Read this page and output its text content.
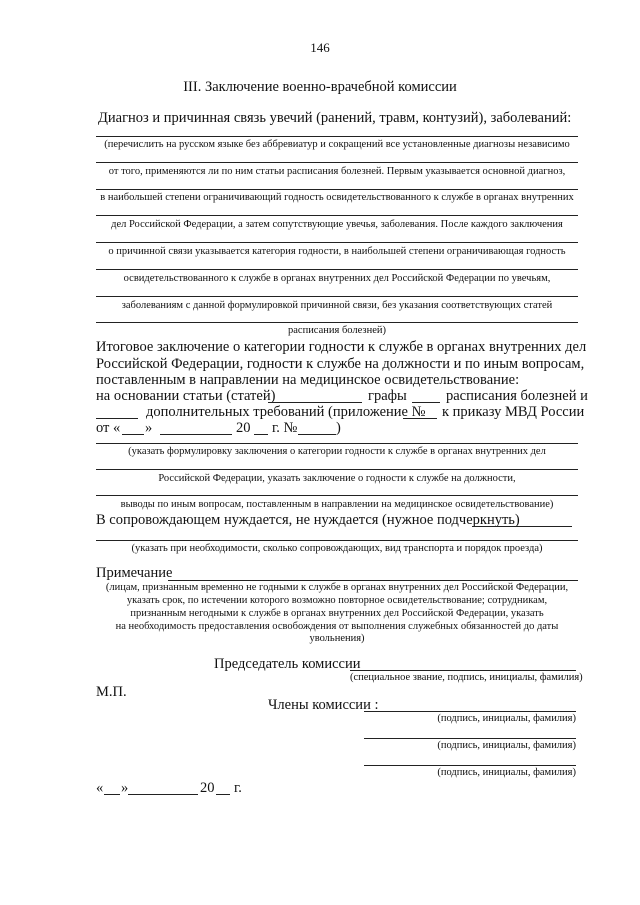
146
III. Заключение военно-врачебной комиссии
Диагноз и причинная связь увечий (ранений, травм, контузий), заболеваний:
(перечислить на русском языке без аббревиатур и сокращений все установленные диагнозы независимо
от того, применяются ли по ним статьи расписания болезней. Первым указывается основной диагноз,
в наибольшей степени ограничивающий годность освидетельствованного к службе в органах внутренних
дел Российской Федерации, а затем сопутствующие увечья, заболевания. После каждого заключения
о причинной связи указывается категория годности, в наибольшей степени ограничивающая годность
освидетельствованного к службе в органах внутренних дел Российской Федерации по увечьям,
заболеваниям с данной формулировкой причинной связи, без указания соответствующих статей
расписания болезней)
Итоговое заключение о категории годности к службе в органах внутренних дел
Российской Федерации, годности к службе на должности и по иным вопросам,
поставленным в направлении на медицинское освидетельствование:
на основании статьи (статей)	графы	расписания болезней и
дополнительных требований (приложение № к приказу МВД России
от « »	20 г. №	)
(указать формулировку заключения о категории годности к службе в органах внутренних дел
Российской Федерации, указать заключение о годности к службе на должности,
выводы по иным вопросам, поставленным в направлении на медицинское освидетельствование)
В сопровождающем нуждается, не нуждается (нужное подчеркнуть)
(указать при необходимости, сколько сопровождающих, вид транспорта и порядок проезда)
Примечание
(лицам, признанным временно не годными к службе в органах внутренних дел Российской Федерации,
указать срок, по истечении которого возможно повторное освидетельствование; сотрудникам,
признанным негодными к службе в органах внутренних дел Российской Федерации, указать
на необходимость предоставления освобождения от выполнения служебных обязанностей до даты
увольнения)
Председатель комиссии
(специальное звание, подпись, инициалы, фамилия)
М.П.
Члены комиссии :
(подпись, инициалы, фамилия)
(подпись, инициалы, фамилия)
(подпись, инициалы, фамилия)
« »	20 г.
